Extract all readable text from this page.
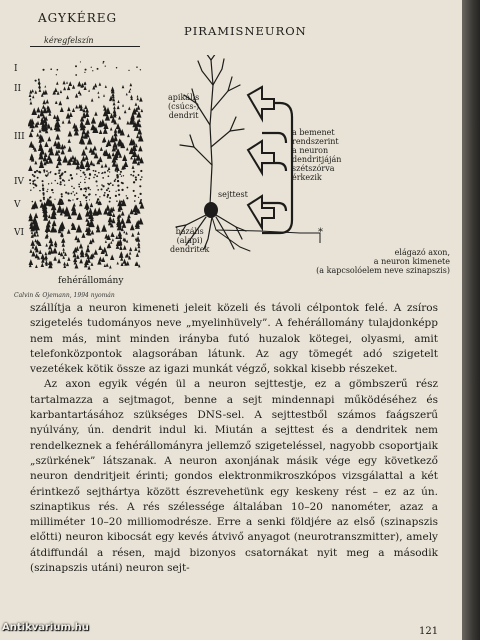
AGYKÉREG
kéregfelszín
I
II
III
IV
V
VI
fehérállomány
Calvin & Ojemann, 1994 nyomán
PIRAMISNEURON
*
apikális
(csúcs-)
dendrit
a bemenet
rendszerint
a neuron
dendritjáján
szétszórva
érkezik
sejttest
bazális
(alapi)
dendritek	elágazó axon,
a neuron kimenete
(a kapcsolóelem neve szinapszis)

szállítja a neuron kimeneti jeleit közeli és távoli célpontok felé. A zsíros szigetelés tudományos neve „myelinhüvely”. A fehérállomány tulajdonképp nem más, mint minden irányba futó huzalok kötegei, olyasmi, amit telefonközpontok alagsorában látunk. Az agy tömegét adó szigetelt vezetékek kötik össze az igazi munkát végző, sokkal kisebb részeket.

Az axon egyik végén ül a neuron sejttestje, ez a gömbszerű rész tartalmazza a sejtmagot, benne a sejt mindennapi működéséhez és karbantartásához szükséges DNS-sel. A sejttestből számos faágszerű nyúlvány, ún. dendrit indul ki. Miután a sejttest és a dendritek nem rendelkeznek a fehérállományra jellemző szigeteléssel, nagyobb csoportjaik „szürkének” látszanak. A neuron axonjának másik vége egy következő neuron dendritjeit érinti; gondos elektronmikroszkópos vizsgálattal a két érintkező sejthártya között észrevehetünk egy keskeny rést – ez az ún. szinaptikus rés. A rés szélessége általában 10–20 nanométer, azaz a milliméter 10–20 milliomodrésze. Erre a senki földjére az első (szinapszis előtti) neuron kibocsát egy kevés átvivő anyagot (neurotranszmitter), amely átdiffundál a résen, majd bizonyos csatornákat nyit meg a második (szinapszis utáni) neuron sejt-

121
Antikvarium.hu
